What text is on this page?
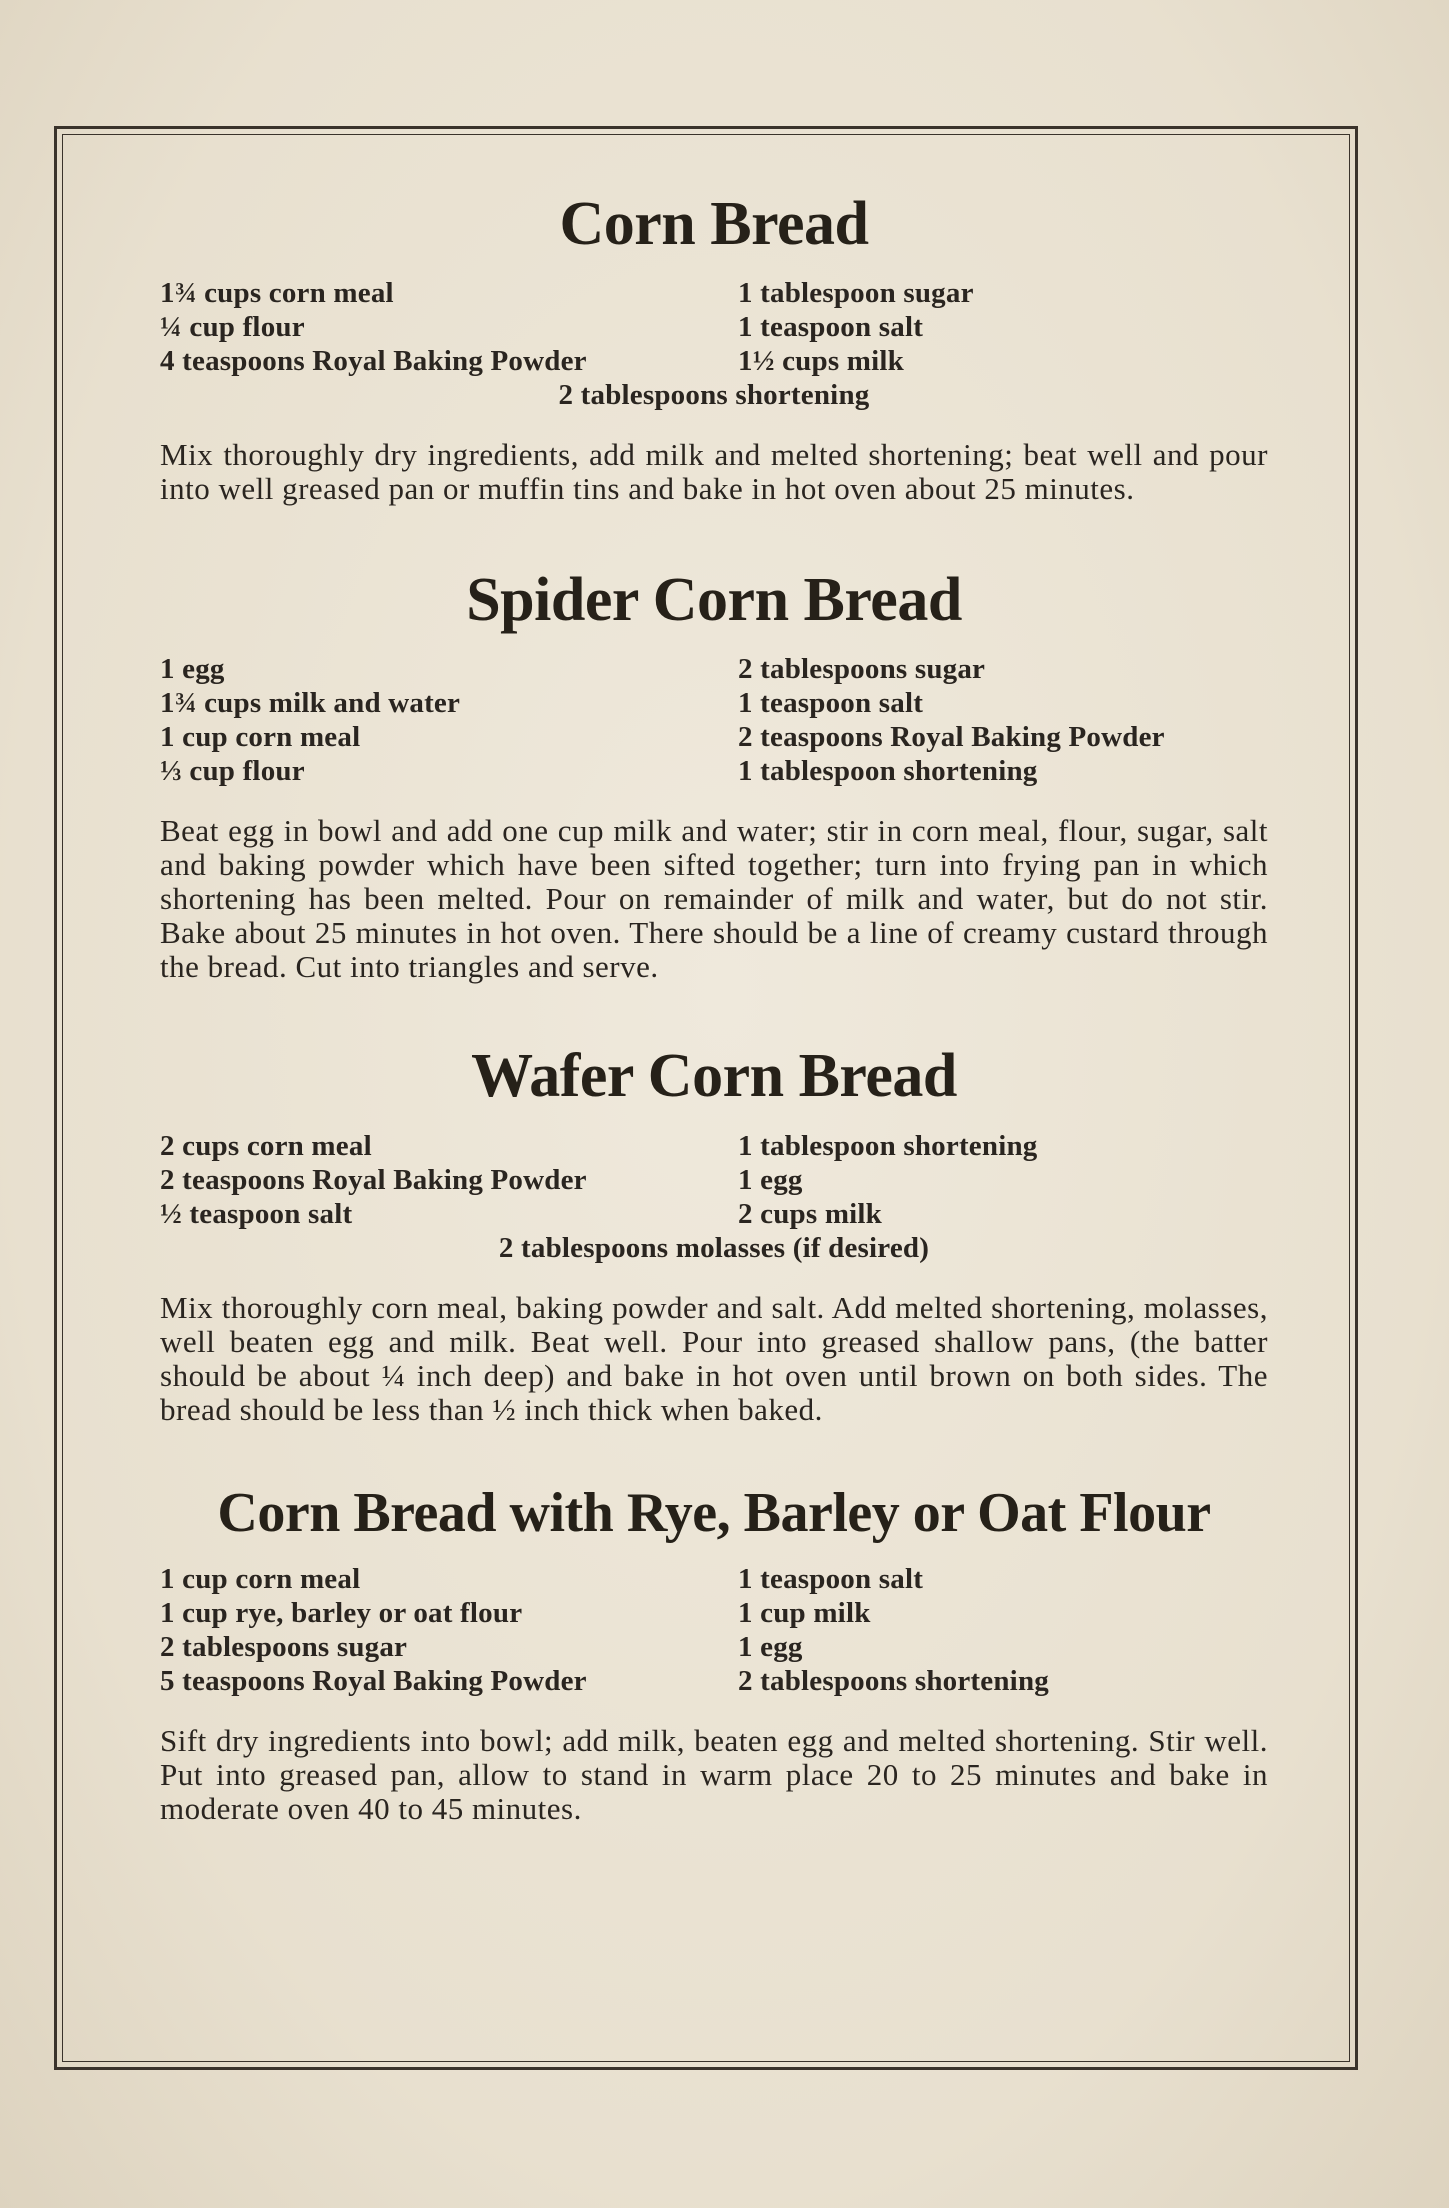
Corn Bread
1¾ cups corn meal	1 tablespoon sugar
¼ cup flour	1 teaspoon salt
4 teaspoons Royal Baking Powder	1½ cups milk
2 tablespoons shortening

Mix thoroughly dry ingredients, add milk and melted shortening; beat well and pour into well greased pan or muffin tins and bake in hot oven about 25 minutes.

Spider Corn Bread
1 egg	2 tablespoons sugar
1¾ cups milk and water	1 teaspoon salt
1 cup corn meal	2 teaspoons Royal Baking Powder
⅓ cup flour	1 tablespoon shortening

Beat egg in bowl and add one cup milk and water; stir in corn meal, flour, sugar, salt and baking powder which have been sifted together; turn into frying pan in which shortening has been melted. Pour on remainder of milk and water, but do not stir. Bake about 25 minutes in hot oven. There should be a line of creamy custard through the bread. Cut into triangles and serve.

Wafer Corn Bread
2 cups corn meal	1 tablespoon shortening
2 teaspoons Royal Baking Powder	1 egg
½ teaspoon salt	2 cups milk
2 tablespoons molasses (if desired)

Mix thoroughly corn meal, baking powder and salt. Add melted shortening, molasses, well beaten egg and milk. Beat well. Pour into greased shallow pans, (the batter should be about ¼ inch deep) and bake in hot oven until brown on both sides. The bread should be less than ½ inch thick when baked.

Corn Bread with Rye, Barley or Oat Flour
1 cup corn meal	1 teaspoon salt
1 cup rye, barley or oat flour	1 cup milk
2 tablespoons sugar	1 egg
5 teaspoons Royal Baking Powder	2 tablespoons shortening

Sift dry ingredients into bowl; add milk, beaten egg and melted shortening. Stir well. Put into greased pan, allow to stand in warm place 20 to 25 minutes and bake in moderate oven 40 to 45 minutes.
